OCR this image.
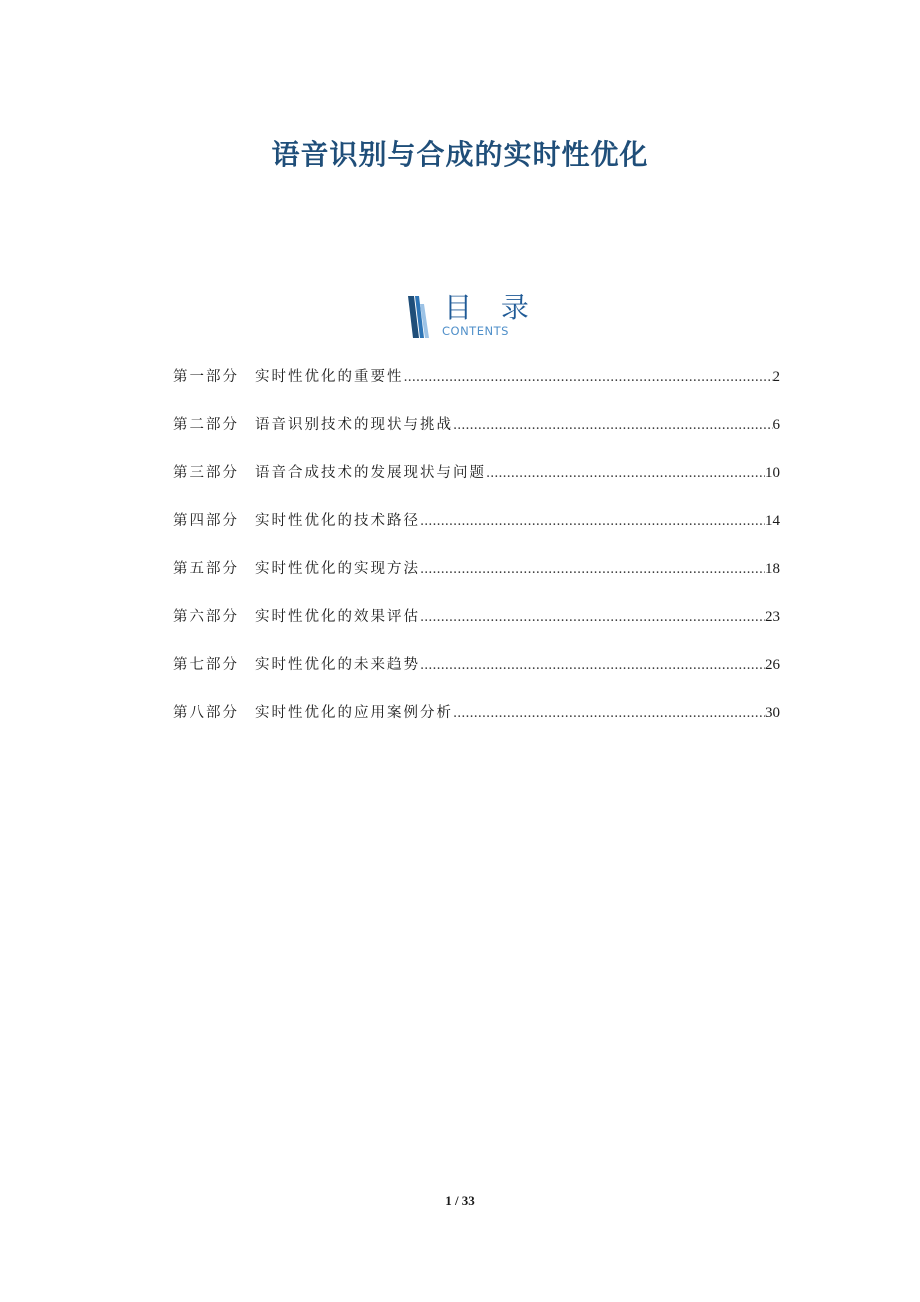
语音识别与合成的实时性优化
目 录
CONTENTS
第一部分	实时性优化的重要性 .....	2
第二部分	语音识别技术的现状与挑战 .....	6
第三部分	语音合成技术的发展现状与问题 .....	10
第四部分	实时性优化的技术路径 .....	14
第五部分	实时性优化的实现方法 .....	18
第六部分	实时性优化的效果评估 .....	23
第七部分	实时性优化的未来趋势 .....	26
第八部分	实时性优化的应用案例分析 .....	30
1 / 33
